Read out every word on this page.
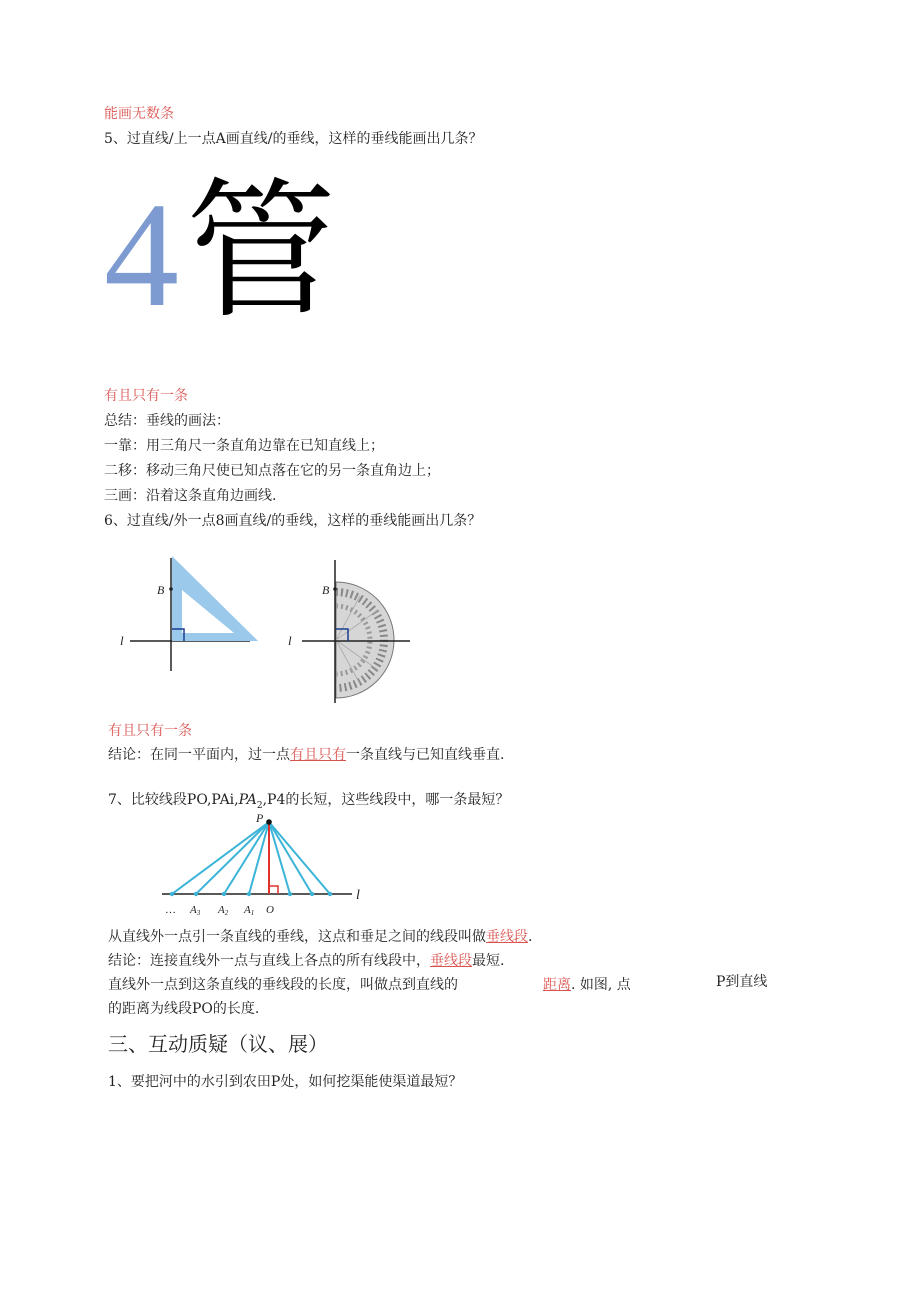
能画无数条
5、过直线/上一点A画直线/的垂线，这样的垂线能画出几条？
4 管
有且只有一条
总结：垂线的画法：
一靠：用三角尺一条直角边靠在已知直线上；
二移：移动三角尺使已知点落在它的另一条直角边上；
三画：沿着这条直角边画线.
6、过直线/外一点8画直线/的垂线，这样的垂线能画出几条？
B
l
B
l
有且只有一条
结论：在同一平面内，过一点有且只有一条直线与已知直线垂直.
7、比较线段$PO,PAi,PA_2,P4$的长短，这些线段中，哪一条最短？
P
l
… A3 A2 A1 O
从直线外一点引一条直线的垂线，这点和垂足之间的线段叫做垂线段.
结论：连接直线外一点与直线上各点的所有线段中，垂线段最短.
直线外一点到这条直线的垂线段的长度，叫做点到直线的	距离. 如图, 点	P到直线
的距离为线段PO的长度.
三、互动质疑（议、展）
1、要把河中的水引到农田P处，如何挖渠能使渠道最短？
